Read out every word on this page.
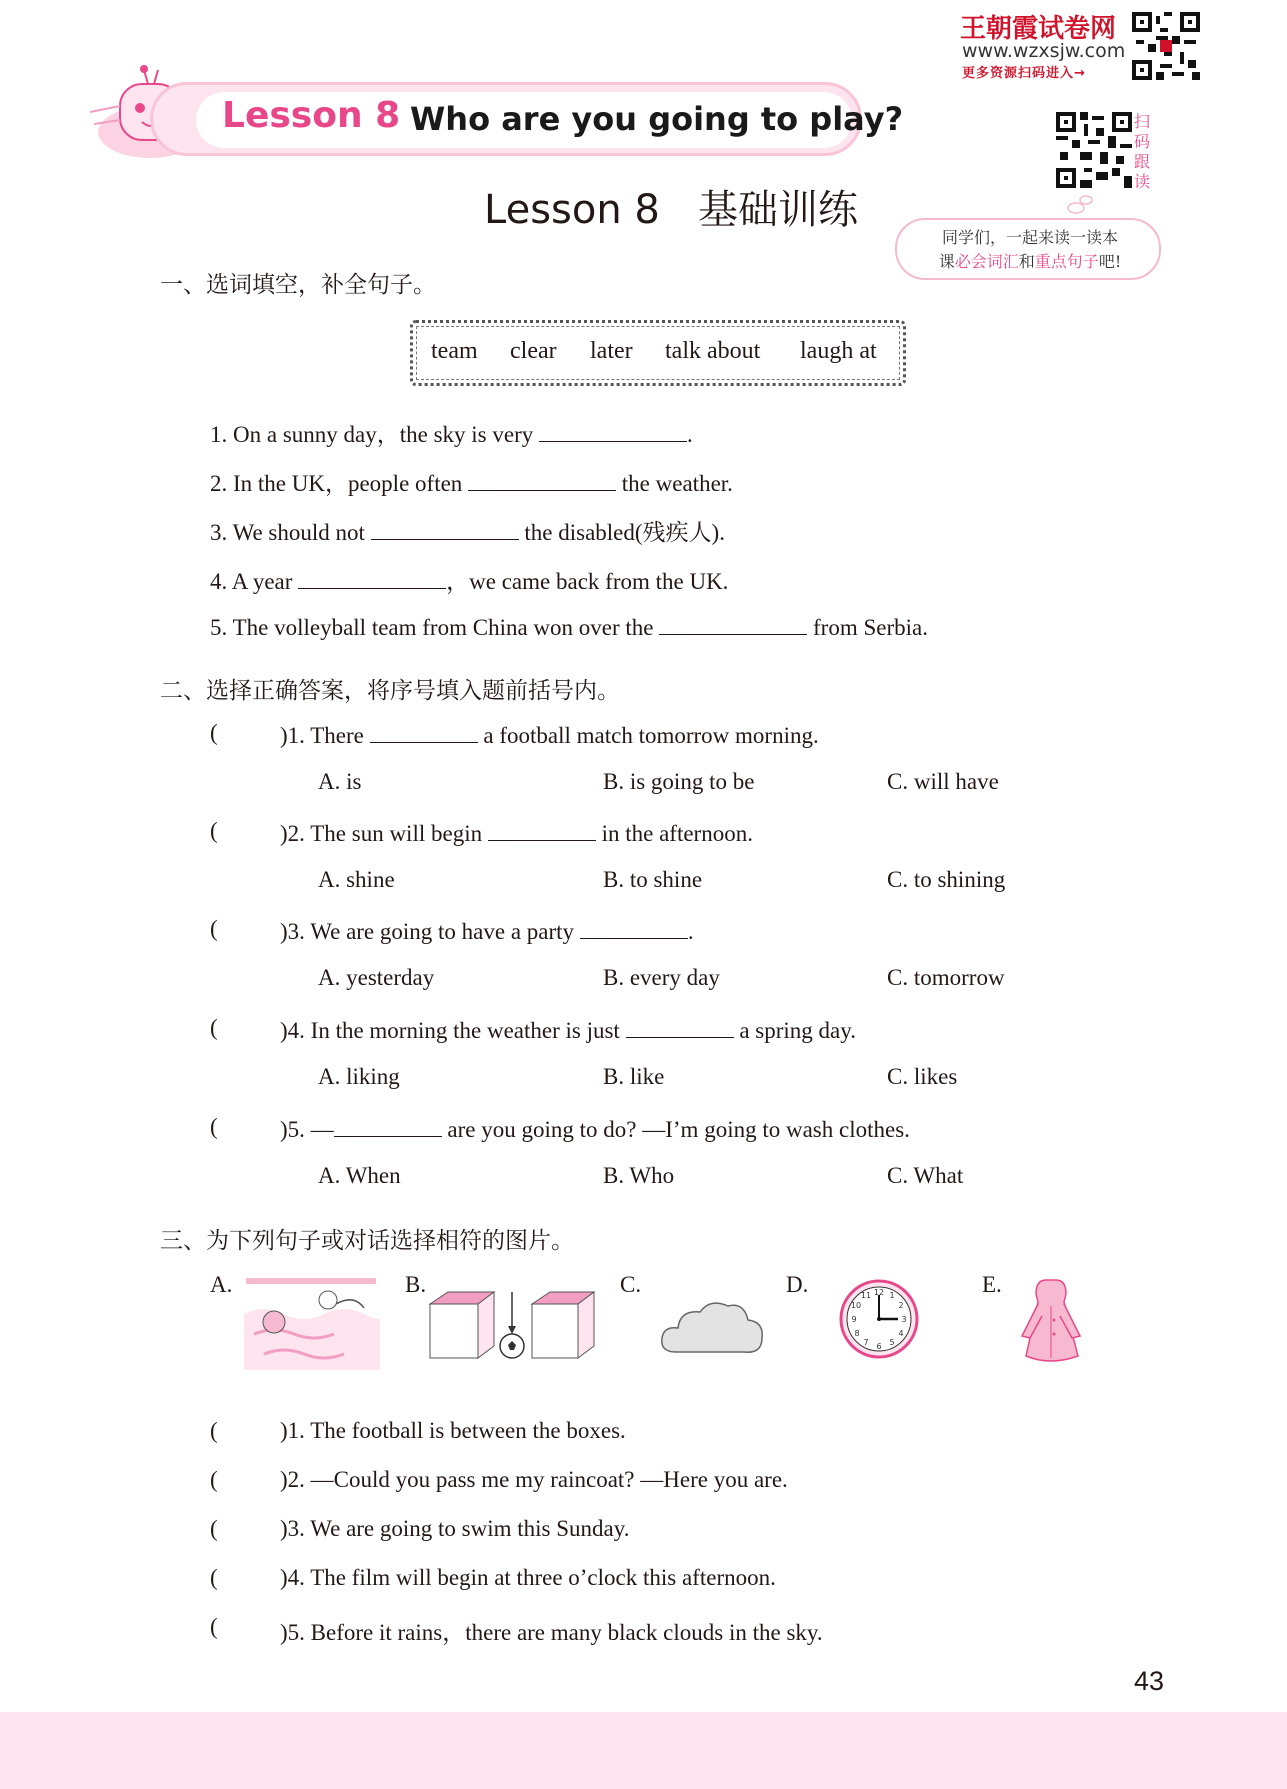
Lesson 8 Who are you going to play?
王朝霞试卷网
www.wzxsjw.com
更多资源扫码进入→
扫码跟读
Lesson 8   基础训练
同学们，一起来读一读本
课必会词汇和重点句子吧!
一、选词填空，补全句子。
team clear later talk about laugh at
1. On a sunny day，the sky is very	.
2. In the UK，people often	the weather.
3. We should not	the disabled(残疾人).
4. A year	，we came back from the UK.
5. The volleyball team from China won over the	from Serbia.
二、选择正确答案，将序号填入题前括号内。
(	)1. There	a football match tomorrow morning.
A. is	B. is going to be	C. will have
(	)2. The sun will begin	in the afternoon.
A. shine	B. to shine	C. to shining
(	)3. We are going to have a party	.
A. yesterday	B. every day	C. tomorrow
(	)4. In the morning the weather is just	a spring day.
A. liking	B. like	C. likes
(	)5. —	are you going to do? —I’m going to wash clothes.
A. When	B. Who	C. What
三、为下列句子或对话选择相符的图片。
A.	B.	C.	D.	E.
12
3
6
9
1
2
4
5
7
8
10
11
(	)1. The football is between the boxes.
(	)2. —Could you pass me my raincoat? —Here you are.
(	)3. We are going to swim this Sunday.
(	)4. The film will begin at three o’clock this afternoon.
(	)5. Before it rains，there are many black clouds in the sky.
43
